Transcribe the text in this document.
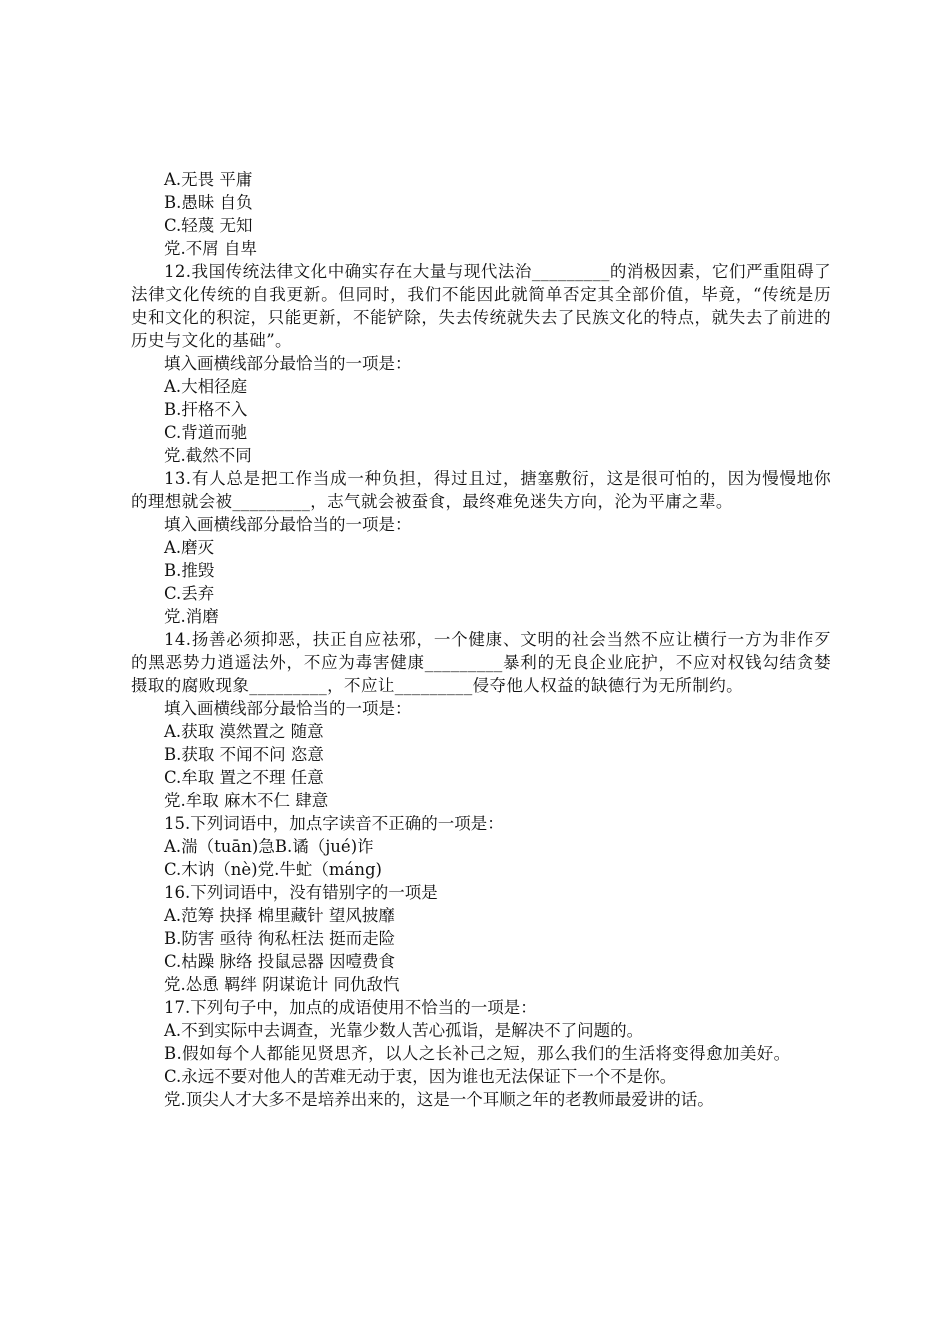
A.无畏 平庸
B.愚昧 自负
C.轻蔑 无知
党.不屑 自卑
12.我国传统法律文化中确实存在大量与现代法治_________的消极因素，它们严重阻碍了法律文化传统的自我更新。但同时，我们不能因此就简单否定其全部价值，毕竟，“传统是历史和文化的积淀，只能更新，不能铲除，失去传统就失去了民族文化的特点，就失去了前进的历史与文化的基础”。
填入画横线部分最恰当的一项是：
A.大相径庭
B.扞格不入
C.背道而驰
党.截然不同
13.有人总是把工作当成一种负担，得过且过，搪塞敷衍，这是很可怕的，因为慢慢地你的理想就会被_________，志气就会被蚕食，最终难免迷失方向，沦为平庸之辈。
填入画横线部分最恰当的一项是：
A.磨灭
B.推毁
C.丢弃
党.消磨
14.扬善必须抑恶，扶正自应祛邪，一个健康、文明的社会当然不应让横行一方为非作歹的黑恶势力逍遥法外，不应为毒害健康_________暴利的无良企业庇护，不应对权钱勾结贪婪摄取的腐败现象_________，不应让_________侵夺他人权益的缺德行为无所制约。
填入画横线部分最恰当的一项是：
A.获取 漠然置之 随意
B.获取 不闻不问 恣意
C.牟取 置之不理 任意
党.牟取 麻木不仁 肆意
15.下列词语中，加点字读音不正确的一项是：
A.湍（tuān)急B.谲（jué)诈
C.木讷（nè)党.牛虻（máng)
16.下列词语中，没有错别字的一项是
A.范筹 抉择 棉里藏针 望风披靡
B.防害 亟待 徇私枉法 挺而走险
C.枯躁 脉络 投鼠忌器 因噎费食
党.怂恿 羁绊 阴谋诡计 同仇敌忾
17.下列句子中，加点的成语使用不恰当的一项是：
A.不到实际中去调查，光靠少数人苦心孤诣，是解决不了问题的。
B.假如每个人都能见贤思齐，以人之长补己之短，那么我们的生活将变得愈加美好。
C.永远不要对他人的苦难无动于衷，因为谁也无法保证下一个不是你。
党.顶尖人才大多不是培养出来的，这是一个耳顺之年的老教师最爱讲的话。
